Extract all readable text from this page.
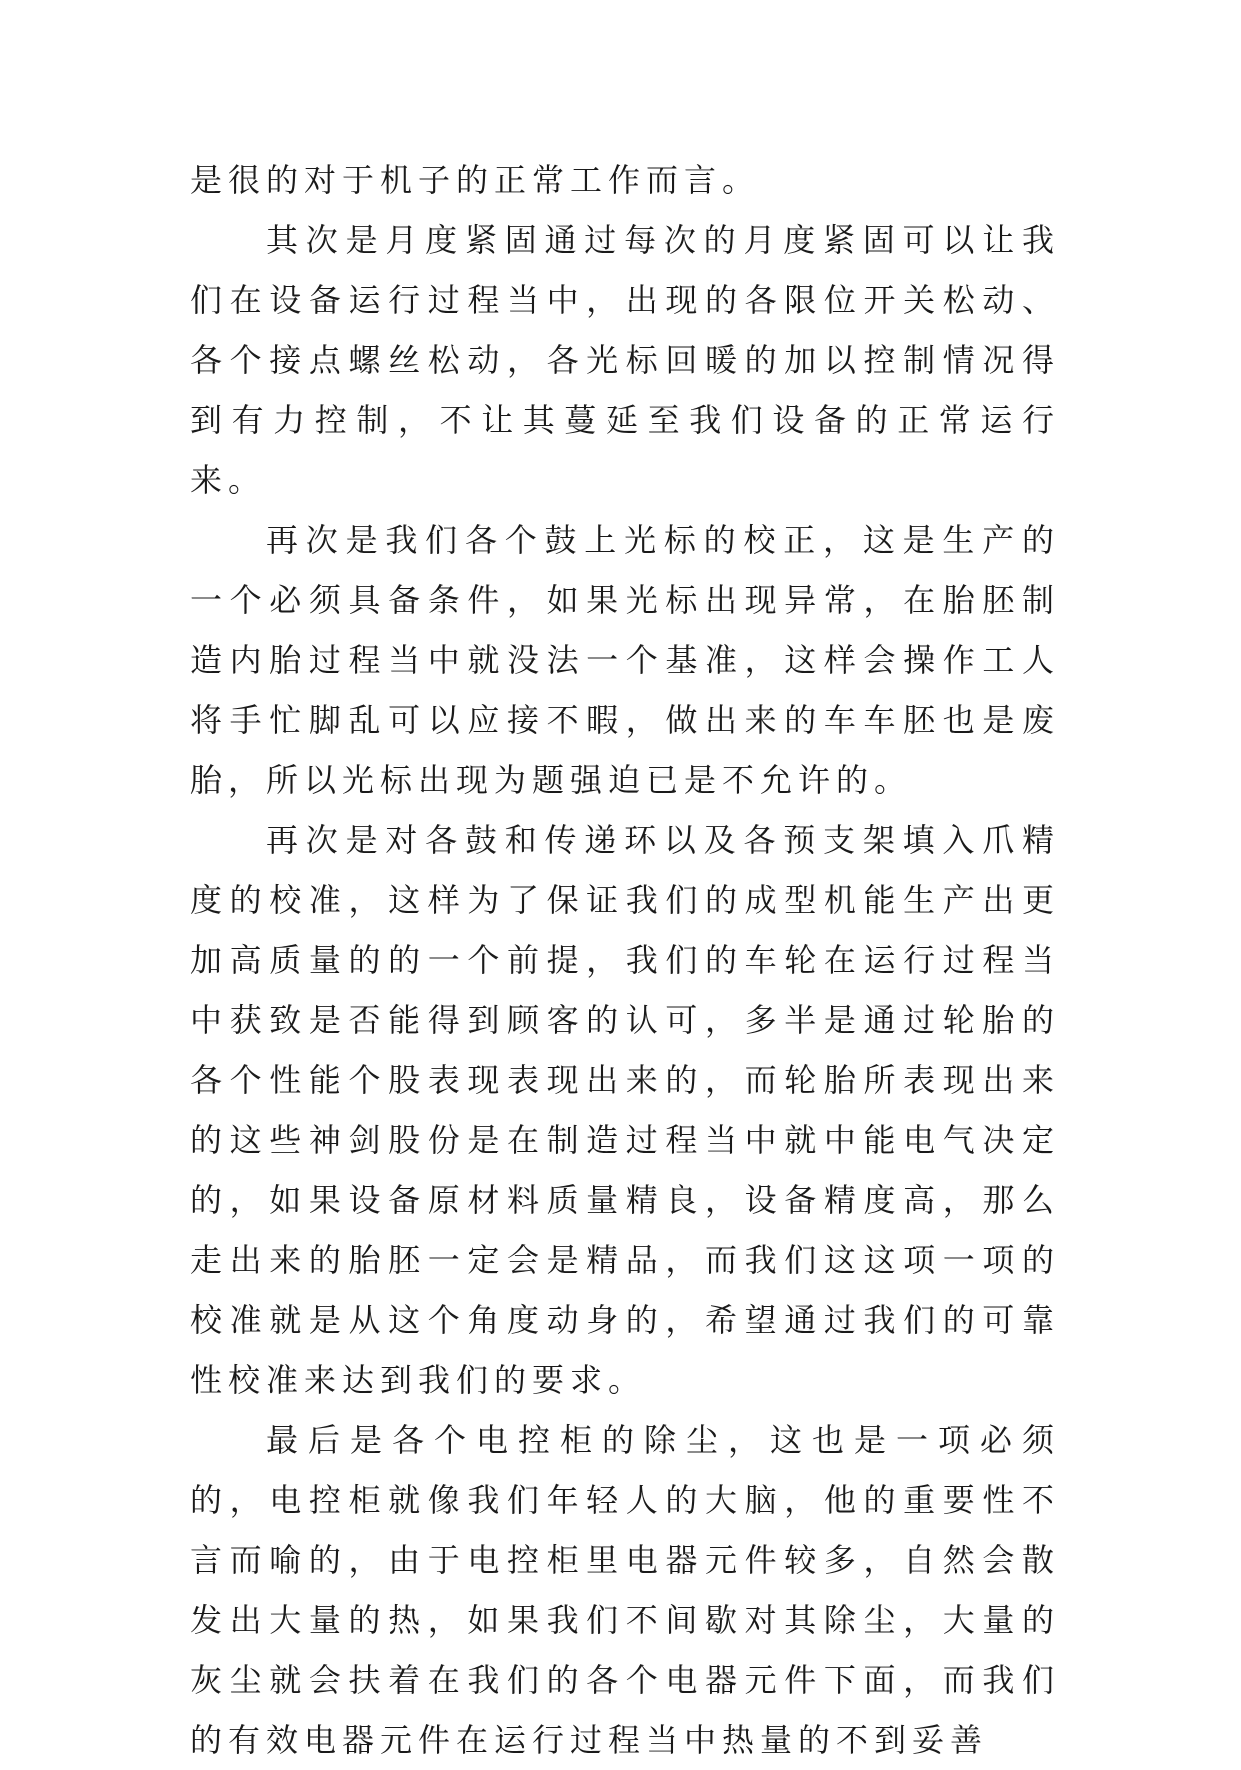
是很的对于机子的正常工作而言。

其次是月度紧固通过每次的月度紧固可以让我们在设备运行过程当中，出现的各限位开关松动、各个接点螺丝松动，各光标回暖的加以控制情况得到有力控制，不让其蔓延至我们设备的正常运行来。

再次是我们各个鼓上光标的校正，这是生产的一个必须具备条件，如果光标出现异常，在胎胚制造内胎过程当中就没法一个基准，这样会操作工人将手忙脚乱可以应接不暇，做出来的车车胚也是废胎，所以光标出现为题强迫已是不允许的。

再次是对各鼓和传递环以及各预支架填入爪精度的校准，这样为了保证我们的成型机能生产出更加高质量的的一个前提，我们的车轮在运行过程当中获致是否能得到顾客的认可，多半是通过轮胎的各个性能个股表现表现出来的，而轮胎所表现出来的这些神剑股份是在制造过程当中就中能电气决定的，如果设备原材料质量精良，设备精度高，那么走出来的胎胚一定会是精品，而我们这这项一项的校准就是从这个角度动身的，希望通过我们的可靠性校准来达到我们的要求。

最后是各个电控柜的除尘，这也是一项必须的，电控柜就像我们年轻人的大脑，他的重要性不言而喻的，由于电控柜里电器元件较多，自然会散发出大量的热，如果我们不间歇对其除尘，大量的灰尘就会扶着在我们的各个电器元件下面，而我们的有效电器元件在运行过程当中热量的不到妥善
